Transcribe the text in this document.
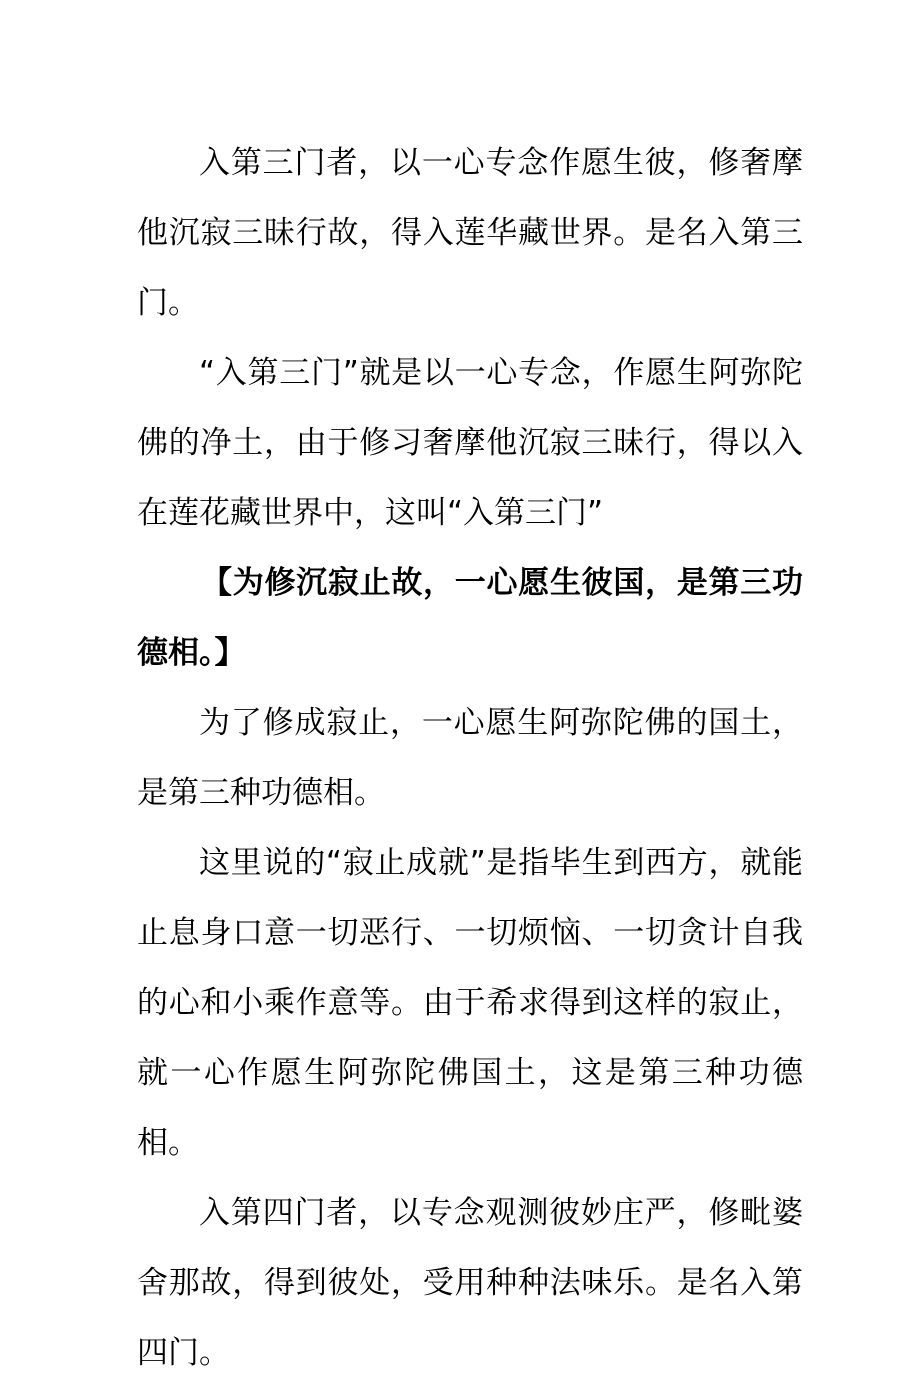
入第三门者，以一心专念作愿生彼，修奢摩他沉寂三昧行故，得入莲华藏世界。是名入第三门。

“入第三门”就是以一心专念，作愿生阿弥陀佛的净土，由于修习奢摩他沉寂三昧行，得以入在莲花藏世界中，这叫“入第三门”

【为修沉寂止故，一心愿生彼国，是第三功德相。】

为了修成寂止，一心愿生阿弥陀佛的国土，是第三种功德相。

这里说的“寂止成就”是指毕生到西方，就能止息身口意一切恶行、一切烦恼、一切贪计自我的心和小乘作意等。由于希求得到这样的寂止，就一心作愿生阿弥陀佛国土，这是第三种功德相。

入第四门者，以专念观测彼妙庄严，修毗婆舍那故，得到彼处，受用种种法味乐。是名入第四门。
